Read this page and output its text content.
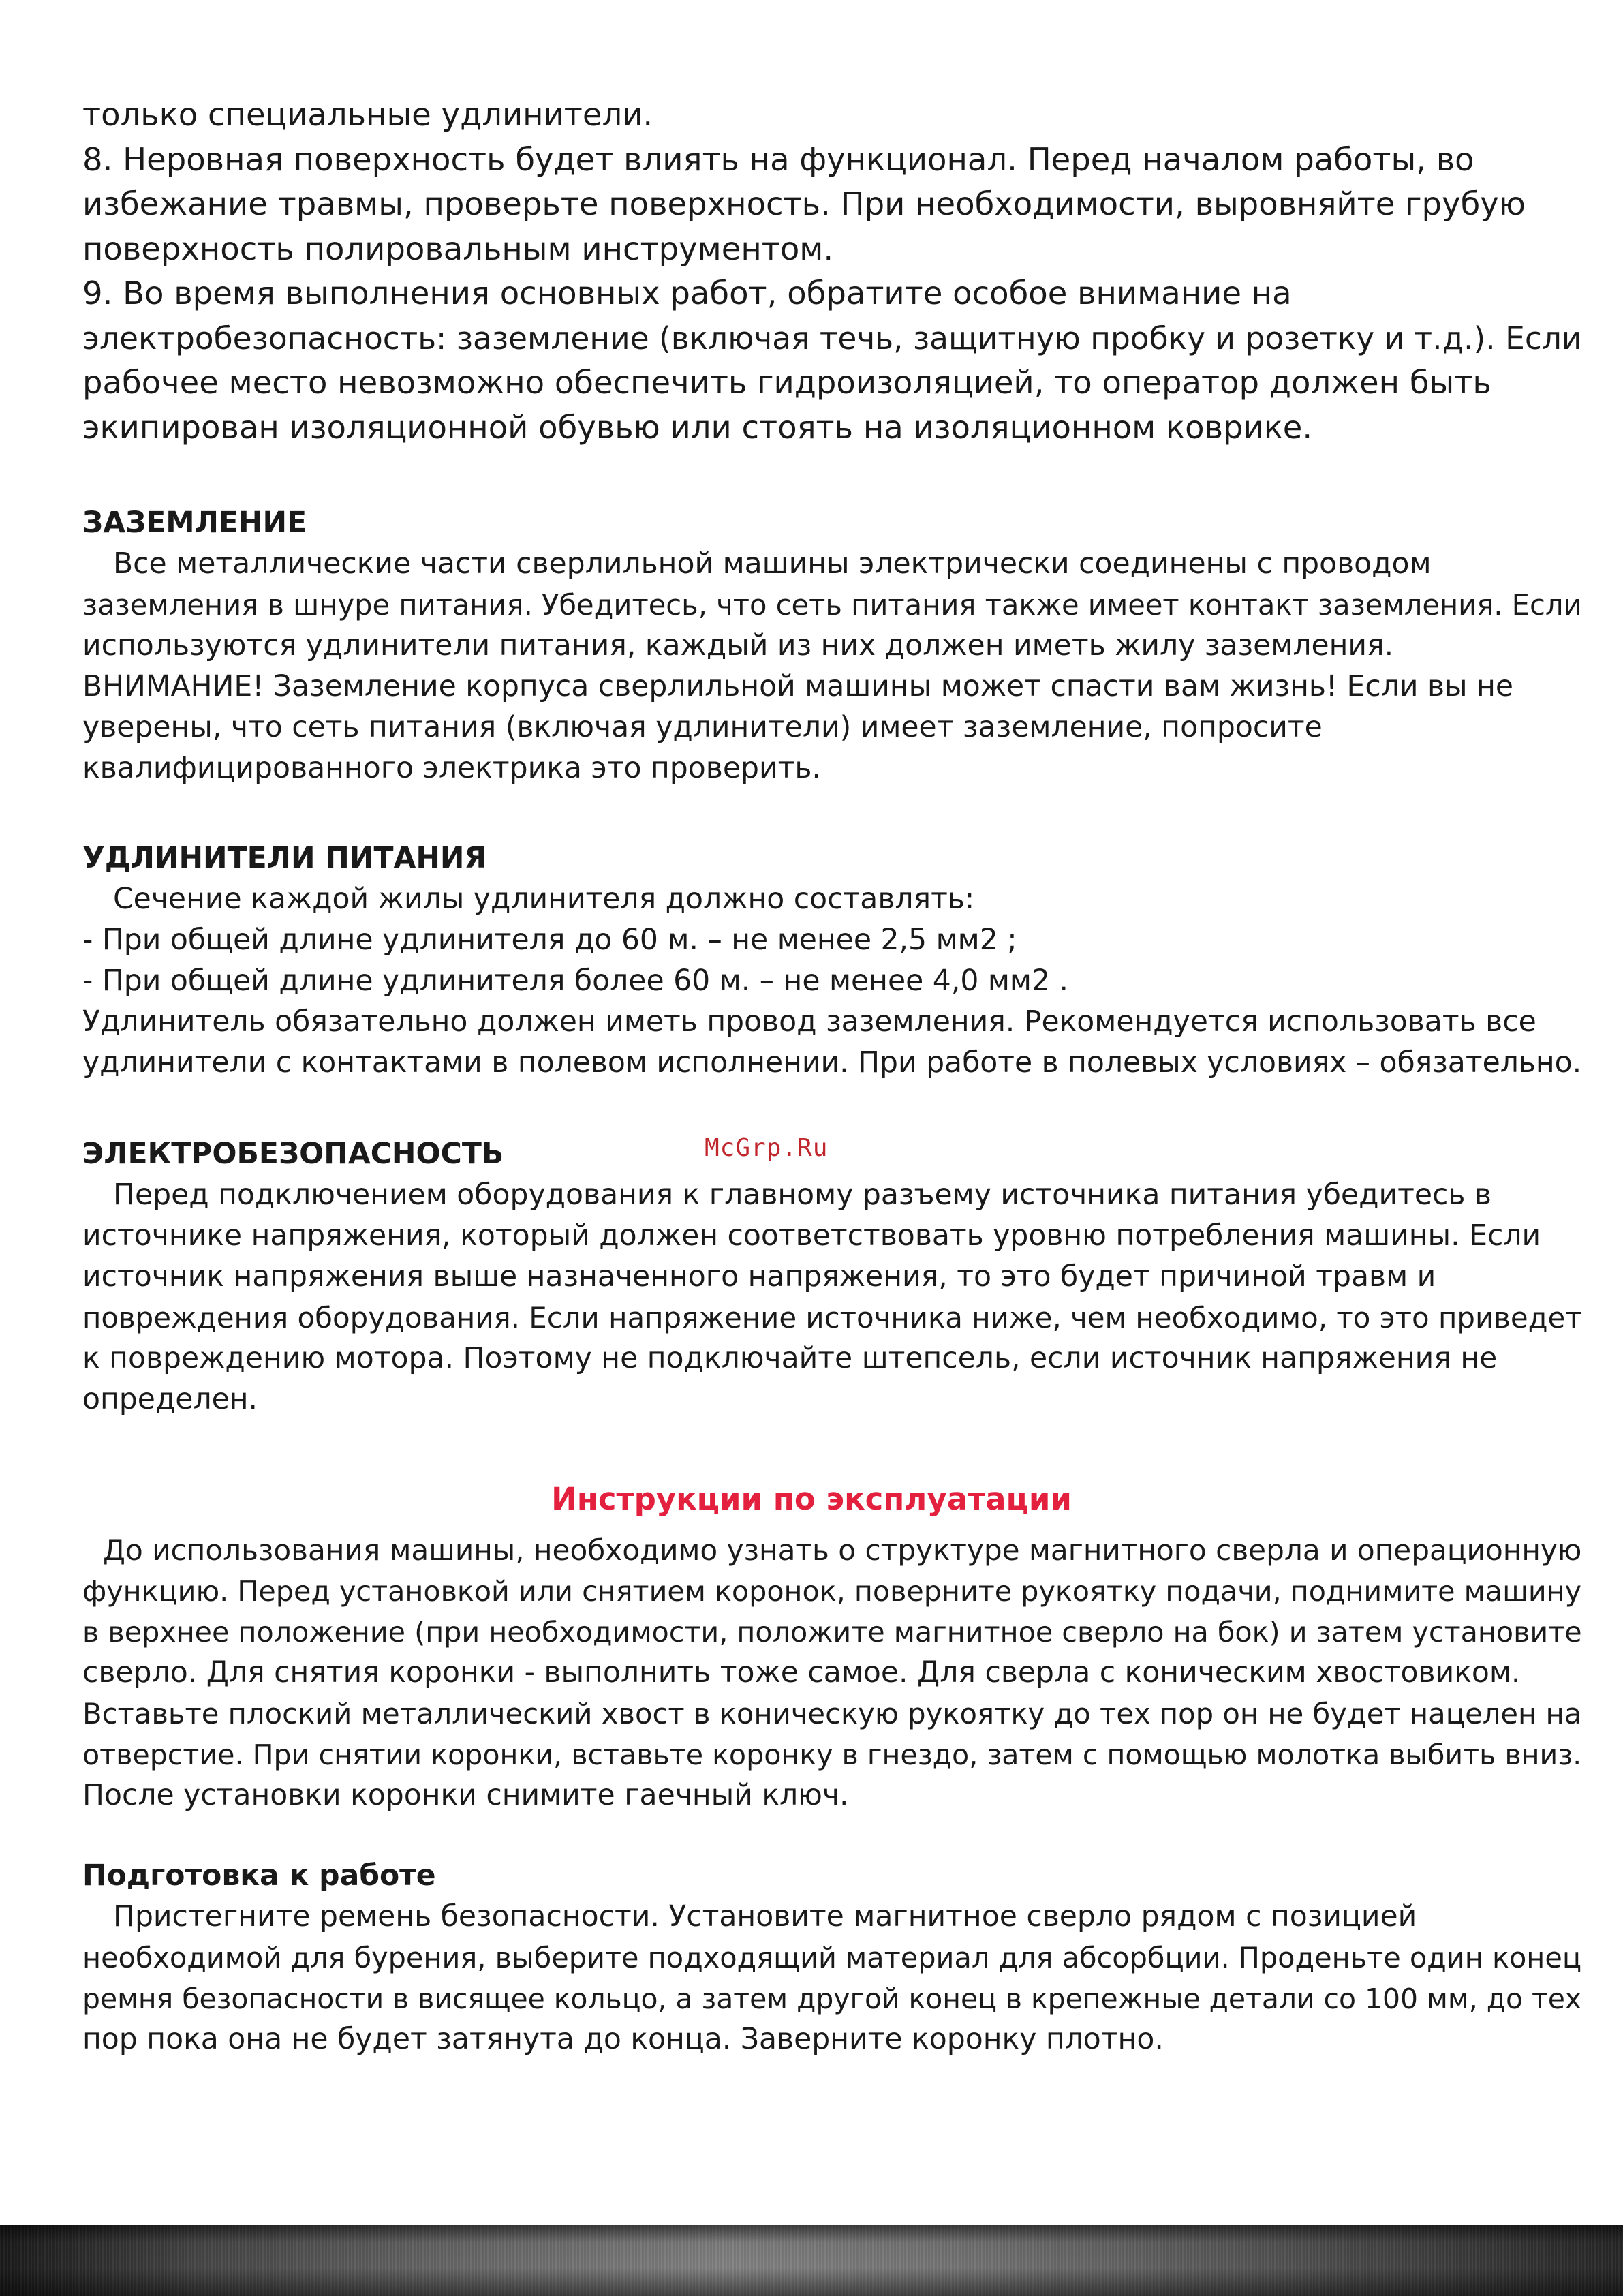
только специальные удлинители.
8. Неровная поверхность будет влиять на функционал. Перед началом работы, во
избежание травмы, проверьте поверхность. При необходимости, выровняйте грубую
поверхность полировальным инструментом.
9. Во время выполнения основных работ, обратите особое внимание на
электробезопасность: заземление (включая течь, защитную пробку и розетку и т.д.). Если
рабочее место невозможно обеспечить гидроизоляцией, то оператор должен быть
экипирован изоляционной обувью или стоять на изоляционном коврике.
ЗАЗЕМЛЕНИЕ
Все металлические части сверлильной машины электрически соединены с проводом
заземления в шнуре питания. Убедитесь, что сеть питания также имеет контакт заземления. Если
используются удлинители питания, каждый из них должен иметь жилу заземления.
ВНИМАНИЕ! Заземление корпуса сверлильной машины может спасти вам жизнь! Если вы не
уверены, что сеть питания (включая удлинители) имеет заземление, попросите
квалифицированного электрика это проверить.
УДЛИНИТЕЛИ ПИТАНИЯ
Сечение каждой жилы удлинителя должно составлять:
- При общей длине удлинителя до 60 м. – не менее 2,5 мм2 ;
- При общей длине удлинителя более 60 м. – не менее 4,0 мм2 .
Удлинитель обязательно должен иметь провод заземления. Рекомендуется использовать все
удлинители с контактами в полевом исполнении. При работе в полевых условиях – обязательно.
McGrp.Ru
ЭЛЕКТРОБЕЗОПАСНОСТЬ
Перед подключением оборудования к главному разъему источника питания убедитесь в
источнике напряжения, который должен соответствовать уровню потребления машины. Если
источник напряжения выше назначенного напряжения, то это будет причиной травм и
повреждения оборудования. Если напряжение источника ниже, чем необходимо, то это приведет
к повреждению мотора. Поэтому не подключайте штепсель, если источник напряжения не
определен.
Инструкции по эксплуатации
До использования машины, необходимо узнать о структуре магнитного сверла и операционную
функцию. Перед установкой или снятием коронок, поверните рукоятку подачи, поднимите машину
в верхнее положение (при необходимости, положите магнитное сверло на бок) и затем установите
сверло. Для снятия коронки - выполнить тоже самое. Для сверла с коническим хвостовиком.
Вставьте плоский металлический хвост в коническую рукоятку до тех пор он не будет нацелен на
отверстие. При снятии коронки, вставьте коронку в гнездо, затем с помощью молотка выбить вниз.
После установки коронки снимите гаечный ключ.
Подготовка к работе
Пристегните ремень безопасности. Установите магнитное сверло рядом с позицией
необходимой для бурения, выберите подходящий материал для абсорбции. Проденьте один конец
ремня безопасности в висящее кольцо, а затем другой конец в крепежные детали со 100 мм, до тех
пор пока она не будет затянута до конца. Заверните коронку плотно.
